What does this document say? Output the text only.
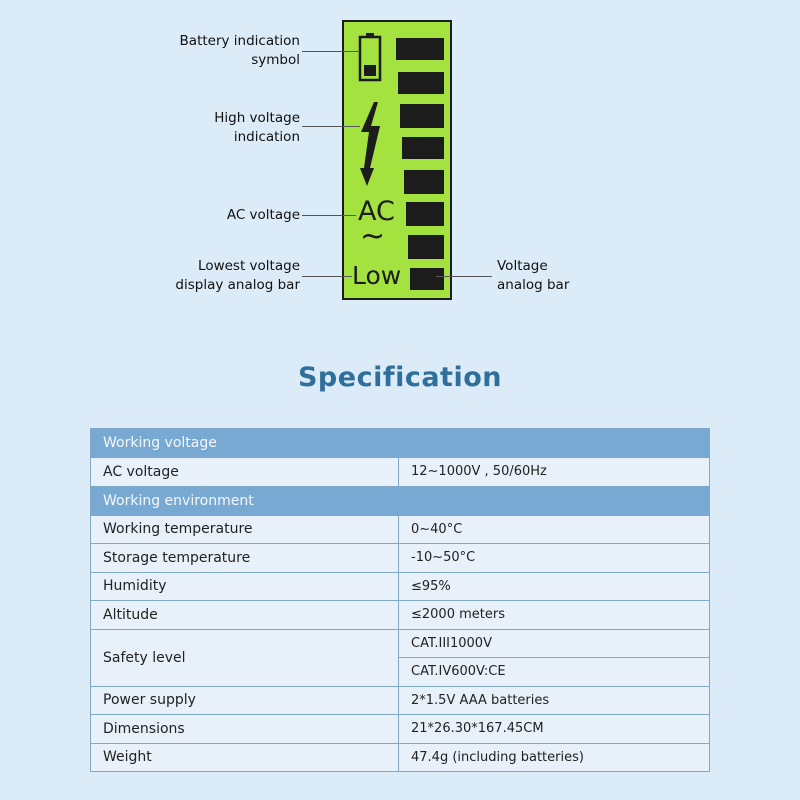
AC
~
Low
Battery indication
symbol
High voltage
indication
AC voltage
Lowest voltage
display analog bar
Voltage
analog bar
Specification
Working voltage	
AC voltage	12~1000V , 50/60Hz
Working environment	
Working temperature	0~40°C
Storage temperature	-10~50°C
Humidity	≤95%
Altitude	≤2000 meters
Safety level	CAT.III1000V
	CAT.IV600V:CE
Power supply	2*1.5V AAA batteries
Dimensions	21*26.30*167.45CM
Weight	47.4g (including batteries)
